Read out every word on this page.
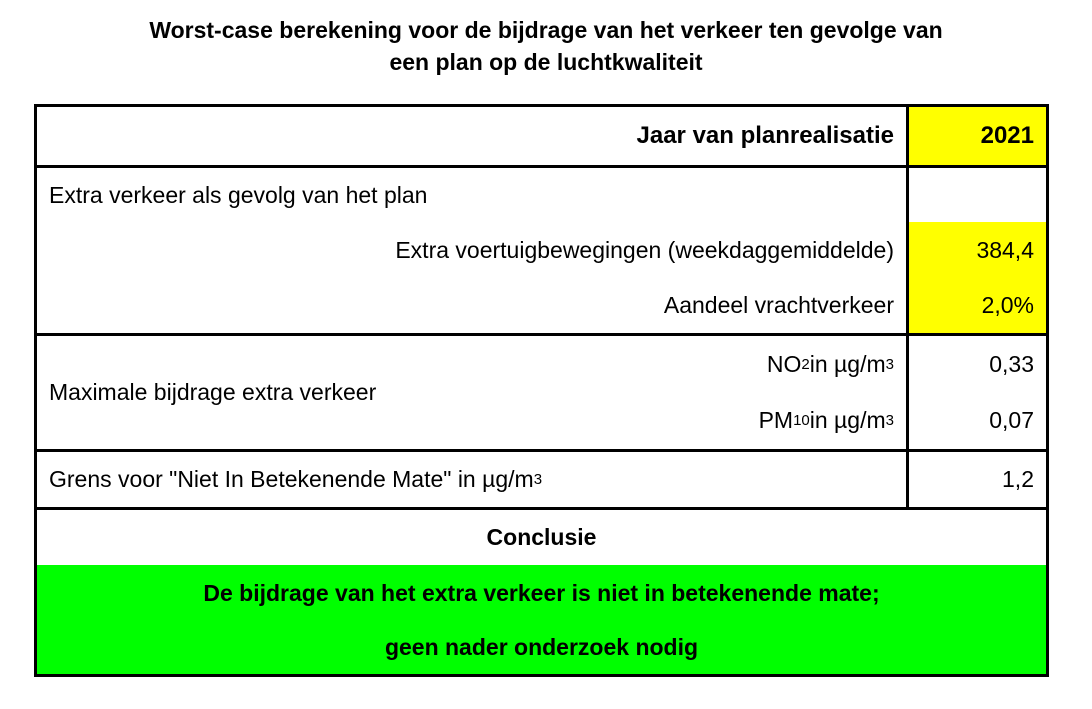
Worst-case berekening voor de bijdrage van het verkeer ten gevolge van
een plan op de luchtkwaliteit
Jaar van planrealisatie	2021
Extra verkeer als gevolg van het plan
Extra voertuigbewegingen (weekdaggemiddelde)	384,4
Aandeel vrachtverkeer	2,0%
Maximale bijdrage extra verkeer
NO 2 in µg/m 3	0,33
PM 10 in µg/m 3	0,07
Grens voor "Niet In Betekenende Mate" in µg/m 3	1,2
Conclusie
De bijdrage van het extra verkeer is niet in betekenende mate;
geen nader onderzoek nodig
